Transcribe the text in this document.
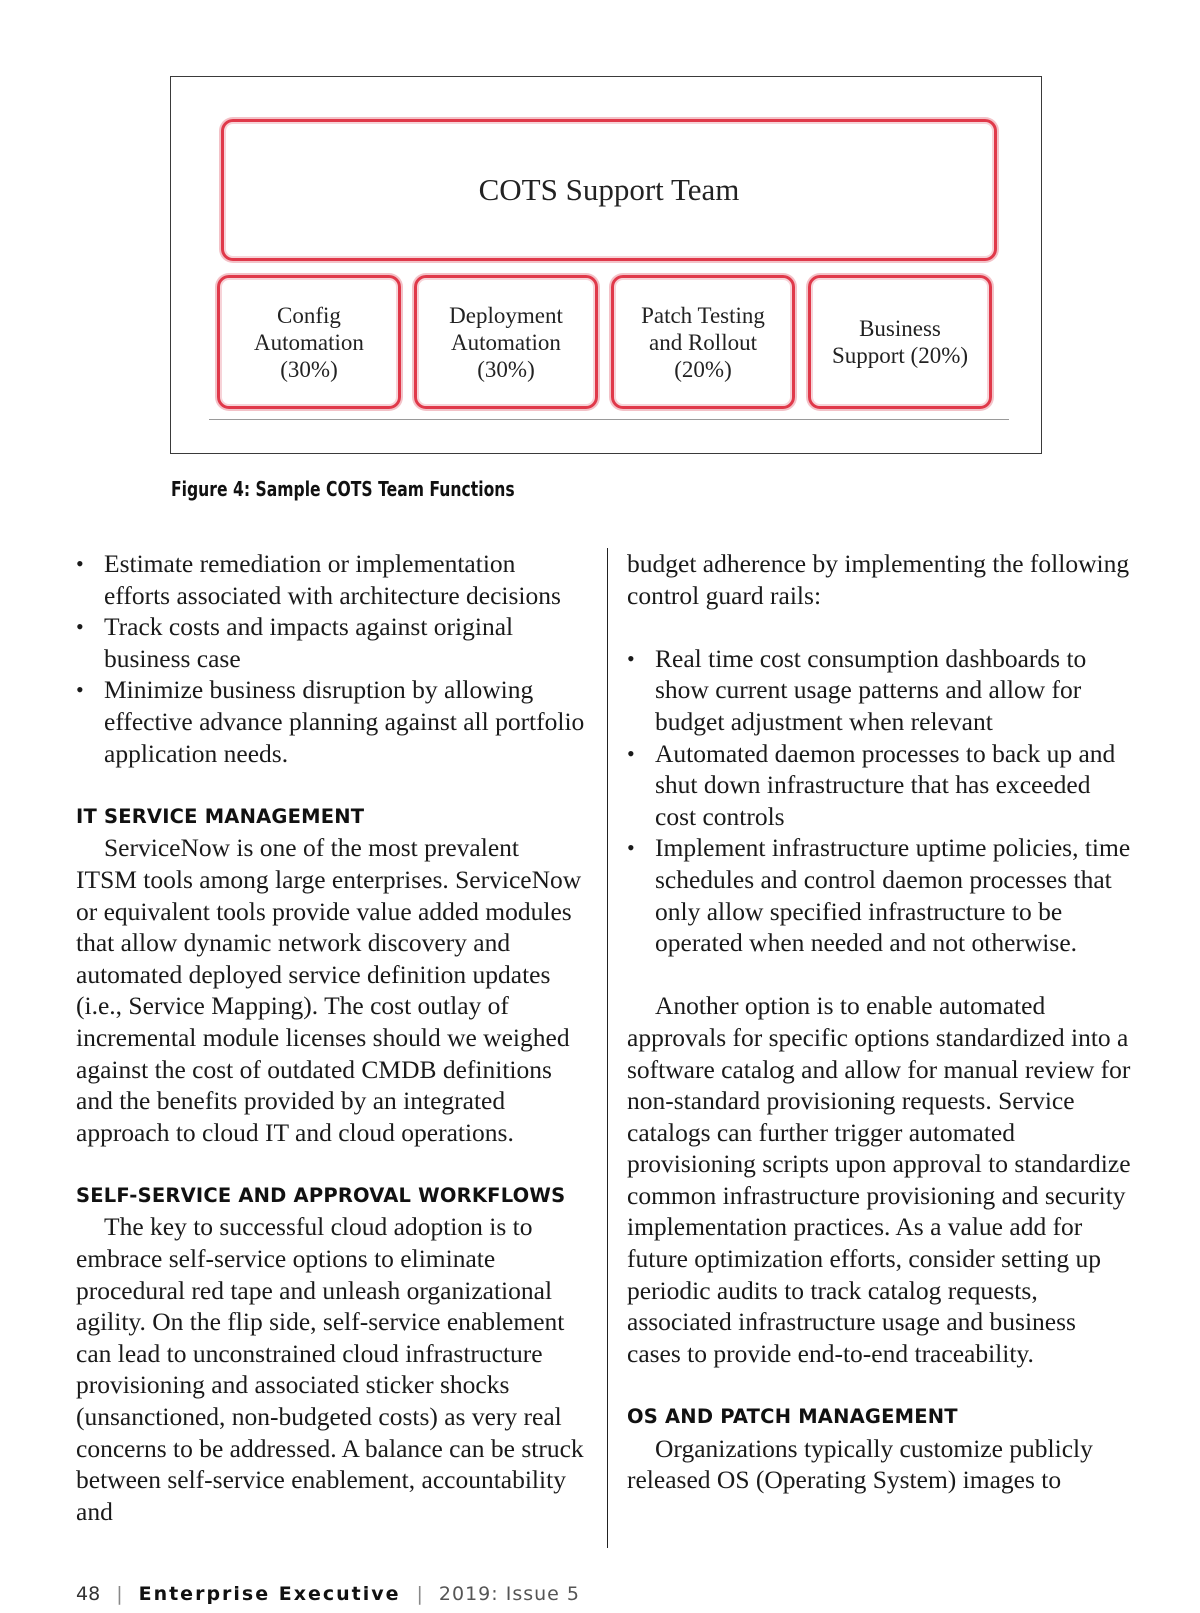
COTS Support Team
Config
Automation
(30%)
Deployment
Automation
(30%)
Patch Testing
and Rollout
(20%)
Business
Support (20%)
Figure 4: Sample COTS Team Functions
• Estimate remediation or implementation efforts associated with architecture decisions
• Track costs and impacts against original business case
• Minimize business disruption by allowing effective advance planning against all portfolio application needs.
IT SERVICE MANAGEMENT

ServiceNow is one of the most prevalent ITSM tools among large enterprises. ServiceNow or equivalent tools provide value added modules that allow dynamic network discovery and automated deployed service definition updates (i.e., Service Mapping). The cost outlay of incremental module licenses should we weighed against the cost of outdated CMDB definitions and the benefits provided by an integrated approach to cloud IT and cloud operations.

SELF-SERVICE AND APPROVAL WORKFLOWS

The key to successful cloud adoption is to embrace self-service options to eliminate procedural red tape and unleash organizational agility. On the flip side, self-service enablement can lead to unconstrained cloud infrastructure provisioning and associated sticker shocks (unsanctioned, non-budgeted costs) as very real concerns to be addressed. A balance can be struck between self-service enablement, accountability and

budget adherence by implementing the following control guard rails:

• Real time cost consumption dashboards to show current usage patterns and allow for budget adjustment when relevant
• Automated daemon processes to back up and shut down infrastructure that has exceeded cost controls
• Implement infrastructure uptime policies, time schedules and control daemon processes that only allow specified infrastructure to be operated when needed and not otherwise.

Another option is to enable automated approvals for specific options standardized into a software catalog and allow for manual review for non-standard provisioning requests. Service catalogs can further trigger automated provisioning scripts upon approval to standardize common infrastructure provisioning and security implementation practices. As a value add for future optimization efforts, consider setting up periodic audits to track catalog requests, associated infrastructure usage and business cases to provide end-to-end traceability.

OS AND PATCH MANAGEMENT

Organizations typically customize publicly released OS (Operating System) images to

48 | Enterprise Executive | 2019: Issue 5
